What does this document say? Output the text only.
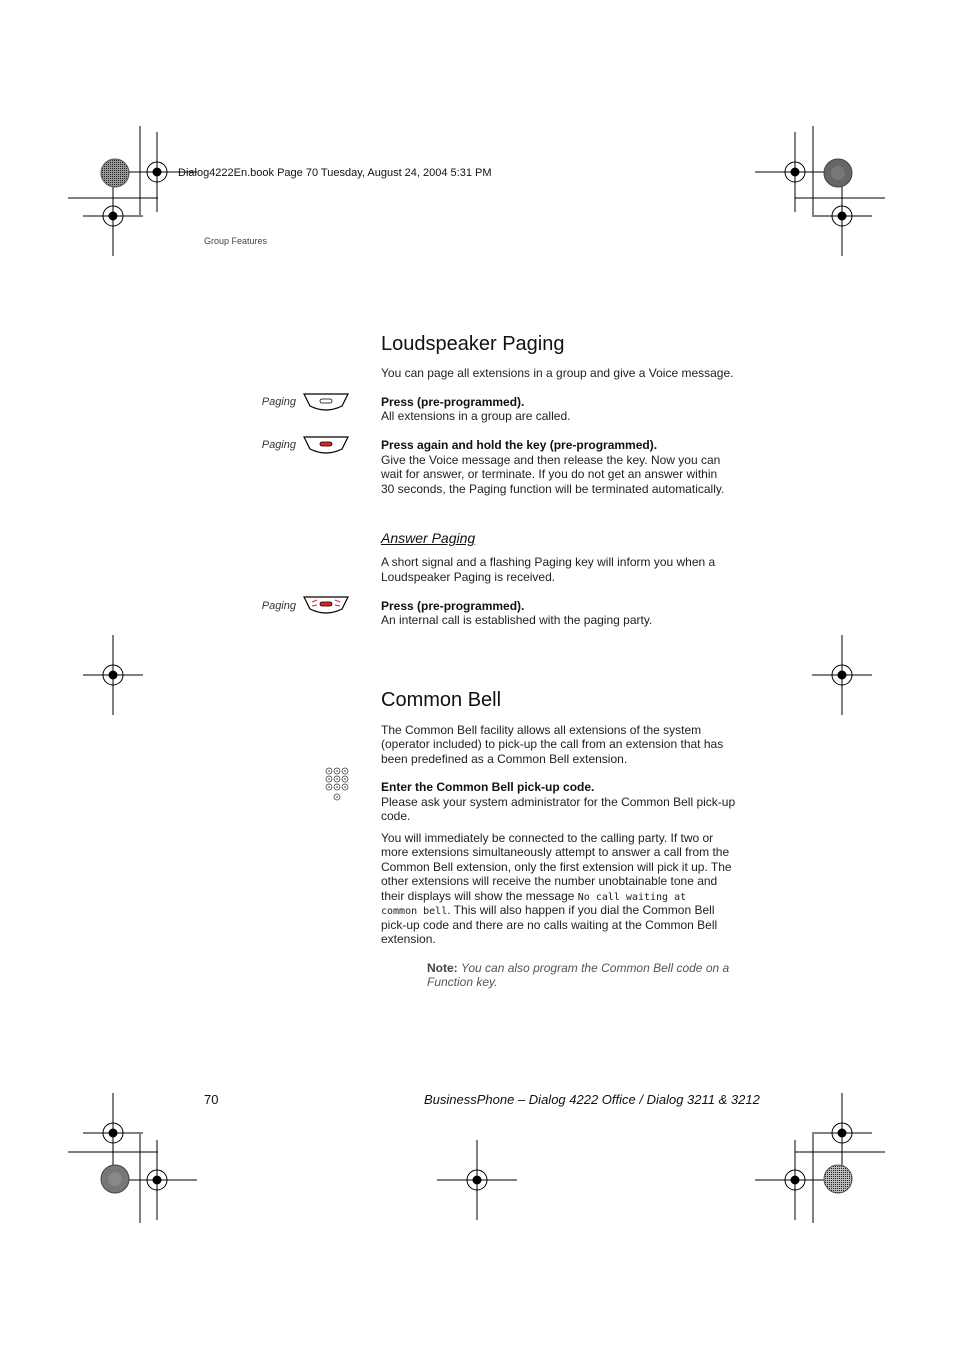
Dialog4222En.book Page 70 Tuesday, August 24, 2004 5:31 PM
Group Features
Loudspeaker Paging
You can page all extensions in a group and give a Voice message.
Paging	Press (pre-programmed).
All extensions in a group are called.
Paging	Press again and hold the key (pre-programmed).
Give the Voice message and then release the key. Now you can
wait for answer, or terminate. If you do not get an answer within
30 seconds, the Paging function will be terminated automatically.
Answer Paging
A short signal and a flashing Paging key will inform you when a
Loudspeaker Paging is received.
Paging	Press (pre-programmed).
An internal call is established with the paging party.
Common Bell
The Common Bell facility allows all extensions of the system
(operator included) to pick-up the call from an extension that has
been predefined as a Common Bell extension.
Enter the Common Bell pick-up code.
Please ask your system administrator for the Common Bell pick-up
code.
You will immediately be connected to the calling party. If two or
more extensions simultaneously attempt to answer a call from the
Common Bell extension, only the first extension will pick it up. The
other extensions will receive the number unobtainable tone and
their displays will show the message No call waiting at
common bell. This will also happen if you dial the Common Bell
pick-up code and there are no calls waiting at the Common Bell
extension.
Note: You can also program the Common Bell code on a
Function key.
70	BusinessPhone – Dialog 4222 Office / Dialog 3211 & 3212
